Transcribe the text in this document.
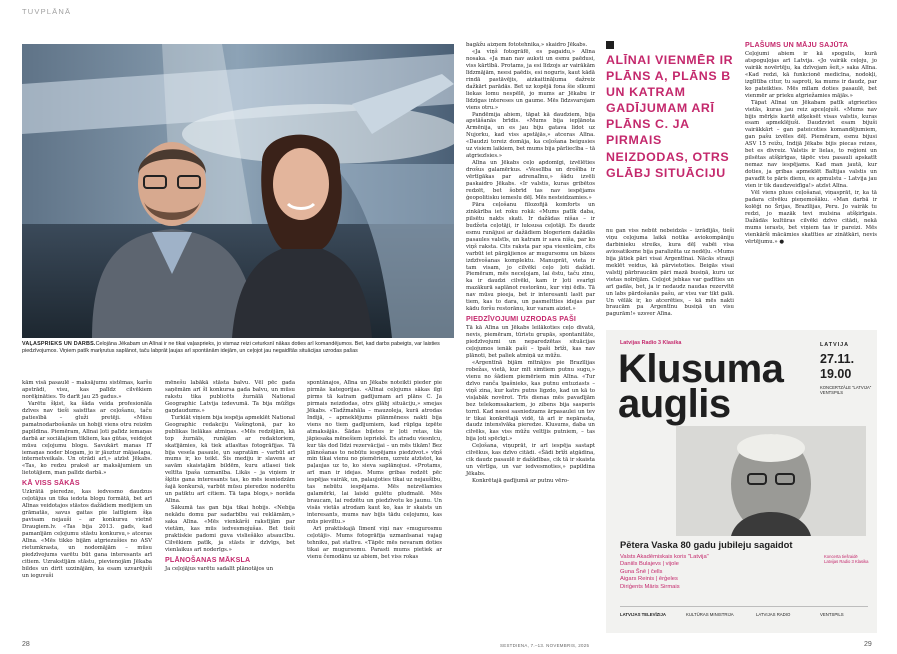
TUVPLĀNĀ
VAĻASPRIEKS UN DARBS.Celojāna Jēkabam un Alīnai ir ne tikai vaļasprieks, jo vismaz reizi ceturksnī nākas doties arī komandējumos. Bet, kad darbs pabeigts, var laisties piedzīvojumos. Viņiem patīk marķrutus saplānot, taču labprāt ļaujas arī spontānām idejām, un ceļojot jau negaidītās situācijas uzrodas pašas

kām visā pasaulē – maksājumu sistēmas, karšu apstrādi, visu, kas palīdz cilvēkiem norēķināties. To darīt jau 25 gadus.»

Varētu šķist, ka šāda veida profesionāla dzīves nav tieši saistītas ar ceļošanu, taču patiesībā – gluži pretēji. «Mūsu pamatnodarbošanās un hobiji viens otru reizēm papildina. Piemēram, Alīnai ļoti palīdz iemaņas darbā ar sociālajiem tīkliem, kas gūtas, veidojot mūsu ceļojumu blogu. Savukārt manas IT iemaņas noder blogam, jo ir jāuztur mājaslapa, internetveikals. Un otrādi arī,» atzīst Jēkabs. «Tas, ko redzu praksē ar maksājumiem un lietotājiem, man palīdz darbā.»

KĀ VISS SĀKĀS

Uzkrātā pieredze, kas iedvesmo daudzus ceļotājus un tika iedota blogu formātā, bet arī Alīnas veidotajos stāstos dažādiem medijiem un grāmatās, savus gaitas pie laitīgiem šķa pavisam nejauši – ar konkursu vietnē Draugiem.lv. «Tas bija 2013. gads, kad pamanījām ceļojumu stāstu konkursu,» atceras Alīna. «Mēs tikko bijām atgriezušies no ASV rietumkrasta, un nodomājām – mūsu piedzīvojums varētu būt gana interesants arī citiem. Uzrakstījām stāstu, pievienojām Jēkaba bildes un dirīt uzzinājām, ka esam uzvarējuši un ieguvuši

mēnešu labākā stāsta balvu. Vēl pēc gada saņēmām arī šī konkursa gada balvu, un mūsu rakstu tika publicēts žurnālā National Geographic Latvija izdevumā. Ta bija mūžīgs gaņdaudums.»

Turklāt viņiem bija iespēja apmeklēt National Geographic redakciju Vašingtonā, par ko publikas lielākas atmiņas. «Mēs redzējām, kā top žurnāls, runājām ar redaktoriem, skatījāmies, kā tiek atlasītas fotogrāfijas. Tā bija vesela pasaule, un sapratām – varbūt arī mums ir, ko teikt. Šis mediju ir slavens ar savām skaistajām bildēm, kuru atlasei tiek veltīta īpaša uzmanība. Likās – ja viņiem ir šķitis gana interesants tas, ko mēs iesniedzām šajā konkursā, varbūt mūsu pieredze noderētu un patiktu arī citiem. Tā tapa blogs,» norāda Alīna.

Sākumā tas gan bija tikai hobijs. «Nebija nekādu domu par sadarbību vai reklāmām,» saka Alīna. «Mēs vienkārši rakstījām par vietām, kas mūs iedvesmojušas. Bet tieši praktiskie padomi guva visliešāko atsaucību. Cilvēkiem patīk, ja stāsts ir dzīvīgs, bet vienlaikus arī noderīgs.»

PLĀNOŠANAS MĀKSLA

Ja ceļojājus varētu sadalīt plānotājos un

spontānajos, Alīna un Jēkabs noteikti pieder pie pirmās kategorijas. «Alīnai ceļojums sākas ilgi pirms tā katram gadījumam arī plāns C. Ja pirmais neizdodas, otrs glābj situāciju,» smejas Jēkabs. «Tadžmahāla – mauzoleja, kurā atrodas Indijā, – apmeklējums plānmēness nakti bija viens no tiem gadījumiem, kad rūpīga izpēte atmaksājās. Šādas biļetes ir ļoti retas, tās jāpiesaka mēnešiem iepriekš. Es atradu viesnīcu, kur tās dod līdzi rezervācijai – un mēs tikām! Bez plānošanas to nebūtu iespējams piedzīvot.» vīņš min tikai vienu no piemēriem, uzreiz atzīstot, ka paļaujas uz to, ko sieva saplānojusi. «Protams, arī man ir idejas. Mums gribas redzēt pēc iespējas vairāk, un, palaujoties tikai uz nejaušību, tas nebūtu iespējams. Mēs neizvēlamies galamērki, lai laiski gulētu pludmalē. Mēs braucam, lai redzētu un piedzīvotu ko jaunu. Un visās vietās atrodam kaut ko, kas ir skaists un interesants, mums nav bijis tādu ceļojumu, kas mūs pieviltu.»

Arī praktiskajā līmenī viņi nav «mugurosmu ceļotāji». Mums fotogrāfija uzmanīsanai vajag tehniku, pat statīvu. «Tāpēc mēs nevaram doties tikai ar mugursomu. Parasti mums pietiek ar vienu čemodānu uz abiem, bet viss rokas

28

bagāžu aizņem fototehnika,» skaidro Jēkabs.

«Ja viņš fotogrāfē, es pagaidu,» Alīna nosaka. «Ja man nav auksti un esmu paēdusi, viss kārtībā. Protams, ja esi līdzojs ar vairākām līdzmājām, neesi paēdis, esi noguris, kaut kādā rindā pastāvējis, aizkaitināļuma dažreiz dažkārt parādās. Bet uz kopējā fona šie sīkumi liekas lomu nespēlē, jo mums ar Jēkabu ir līdzīgas intereses un gaume. Mēs līdzsvarojam viens otru.»

Pandēmija abiem, tāpat kā daudziem, bija apstāšanās brīdis. «Mums bija iepļānota Armēnija, un es jau biju gatava lidot uz Nujorku, kad viss apstājās,» atceras Alīna. «Daudzi toreiz domāja, ka ceļošana beigusies uz visiem laikiem, bet mums bija pārliecība – tā atgriezīsies.»

Alīna un Jēkabs ceļo apdomīgi, izvēlēties drošus galamērkus. «Veselība un drošība ir vērtīgākas par adrenalīnu,» šādu izvēli paskaidro Jēkabs. «Ir valstis, kuras gribētos redzēt, bet šobrīd tas nav iespējams ģeopolitisku iemeslu dēļ. Mēs nesteidzamies.»

Pāra ceļošanu filozofijā komforts un zinkārība iet roku rokā: «Mums patīk daba, pilsētu nakts skati. Ir dažādas nišas – ir budžeta ceļotāji, ir luksusa ceļotāji. Es daudz esmu runājusi ar dažādiem blogeriem dažādās pasaules valstīs, un katram ir sava niša, par ko viņš raksta. Cits raksta par spa viesnīcām, cits varbūt iet pārgājienos ar mugursomu un bāzes izdzīvošanas komplektu. Manuprāt, vieta ir tam visam, jo cilvēki ceļo ļoti dažādi. Piemēram, mēs neceļojam, lai ēstu, taču zinu, ka ir daudzi cilvēki, kam ir ļoti svarīgi mazākurā saplānot restorānu, kur viņi ēdīs. Tā nav mūsu pieeja, bet ir interesanti lasīt par tiem, kas to dara, un pasmeltties idejas par kādu foršu restorānu, kur varam aiziet.»

PIEDZĪVOJUMI UZRODAS PAŠI

Tā kā Alīna un Jēkabs leilākoties ceļo divatā, nevis, piemēram, tūristu grupās, spontanitāte, piedzīvojumi un neparedzētas situācijas ceļojumos ienāk paši – īpaši brīži, kas nav plānoti, bet paliek atmiņā uz mūžu.

«Argentīnā bijām mītnājos pie Brazīlijas robežas, vietā, kur mīt simtiem putnu sugu,» vienu no šādiem piemēriem min Alīna. «Tur dzīvo ranča īpašnieks, kas putnu entuziasts – viņš zina, kur katrs putns ligzdo, kad un kā to visļabāk novērot. Trīs dienas mēs pavadījām bez telekomsakariem, jo zibens bija sasperis tornī. Kad neesi sasniedzams ārpasaulei un tev ir tikai konkrētajā vidē, tā arī ir nepārasta, daudz intensīvāka pieredze. Klusums, daba un cilvēks, kas viss mūžu veltījis putniem, – tas bija ļoti spēcīgi.»

Ceļošana, viņuprāt, ir arī iespēja sastapt cilvēkus, kas dzīvo citādi. «Šādi brīži atgādina, cik daudz pasaulē ir dažādības, cik tā ir skaista un vērtīga, un var iedvesmoties,» papildina Jēkabs.

Konkrētajā gadījumā ar putnu vēro-

ALĪNAI VIENMĒR IR PLĀNS A, PLĀNS B UN KATRAM GADĪJUMAM ARĪ PLĀNS C. JA PIRMAIS NEIZDODAS, OTRS GLĀBJ SITUĀCIJU

nu gan viss nebūt nebeidzās – izrādījās, tieši viņu ceļojuma laikā notika aviokompāniju darbinieku streiks, kura dēļ vabēi visa aviosatiksme bija paralizēta uz nedēļu. «Mums bija jātiek pāri visai Argentīnai. Nācās strauji meklēt veidus, kā pārvietoties. Beigās visai valstij pārbraucām pāri mazā busiņā, kuru uz vietas noīrējām. Ceļojot jebkas var gadīties un arī gadās, bet, ja ir nedaudz naudas rezervītē un labs pārdošanās pašu, ar visu var tikt galā. Un vēlāk ir, ko atcerēties, – kā mēs nakti braucām pa Argentīnu busiņā un visu pagurām!» uzsver Alīna.

PLAŠUMS UN MĀJU SAJŪTA

Ceļojumi abiem ir kā spogulis, kurā atspoguļojas arī Latvija. «Jo vairāk ceļoju, jo vairāk novērtēju, ka dzīvojam šeit,» saka Alīna. «Kad redzi, kā funkcionē medicīna, nodokļi, izglītība citur, tu saproti, ka mums ir daudz, par ko pateikties. Mēs mīlam doties pasaulē, bet vienmēr ar prieku atgriežamies mājās.»

Tāpat Alīnai un Jēkabam patīk atgriezties vietās, kuras jau reiz apceļojuši. «Mums nav bijis mērķis kartē atķeksēt visas valstis, kuras esam apmeklējuši. Daudzviet esam bijuši vairākkārt – gan pateicoties komandējumiem, gan pašu izvēles dēļ. Piemēram, esmu bijusi ASV 15 reižu, Indijā Jēkabs bijis piecas reizes, bet es divreiz. Valstis ir lielas, to reģioni un pilsētas atšķirīgas, tāpēc visu pasauli apskatīt nemaz nav iespējams. Kad man jautā, kur doties, ja gribas apmeklēt Baltijas valstis un pavadīt te pāris dienu, es apmulstu – Latvija jau vien ir tik daudzveidīga!» atzīst Alīna.

Vēl viens pluss ceļošanai, viņasprāt, ir, ka tā padara cilvēku pieņemošāku. «Man darbā ir kolēģi no Šrijas, Brazīlijas, Peru. Jo vairāk tu redzi, jo mazāk tevi mulsina atšķirīgais. Dažādās kultūras cilvēki dzīvo citādi, nekā mums ierasts, bet viņiem tas ir pareizi. Mēs vienkārši mācāmies skatīties ar zinātkāri, nevis vērtējumu.» ●

Latvijas Radio 3 Klasika
Klusuma
auglis
LATVIJA
27.11.
19.00
KONCERTZĀLE "LATVIJA" VENTSPILS
Pētera Vaska 80 gadu jubileju sagaidot
Valsts Akadēmiskais koris "Latvija"
Daniils Bulajevs | vijole
Guna Šnē | čells
Aigars Reinis | ērģeles
Diriģents Māris Sirmais
Koncerta tiešraidē Latvijas Radio 3 Klasika
LATVIJAS TELEVĪZIJA	KULTŪRAS MINISTRIJA	LATVIJAS RADIO	VENTSPILS
SESTDIENA, 7.–13. NOVEMBRIS, 2025	29
